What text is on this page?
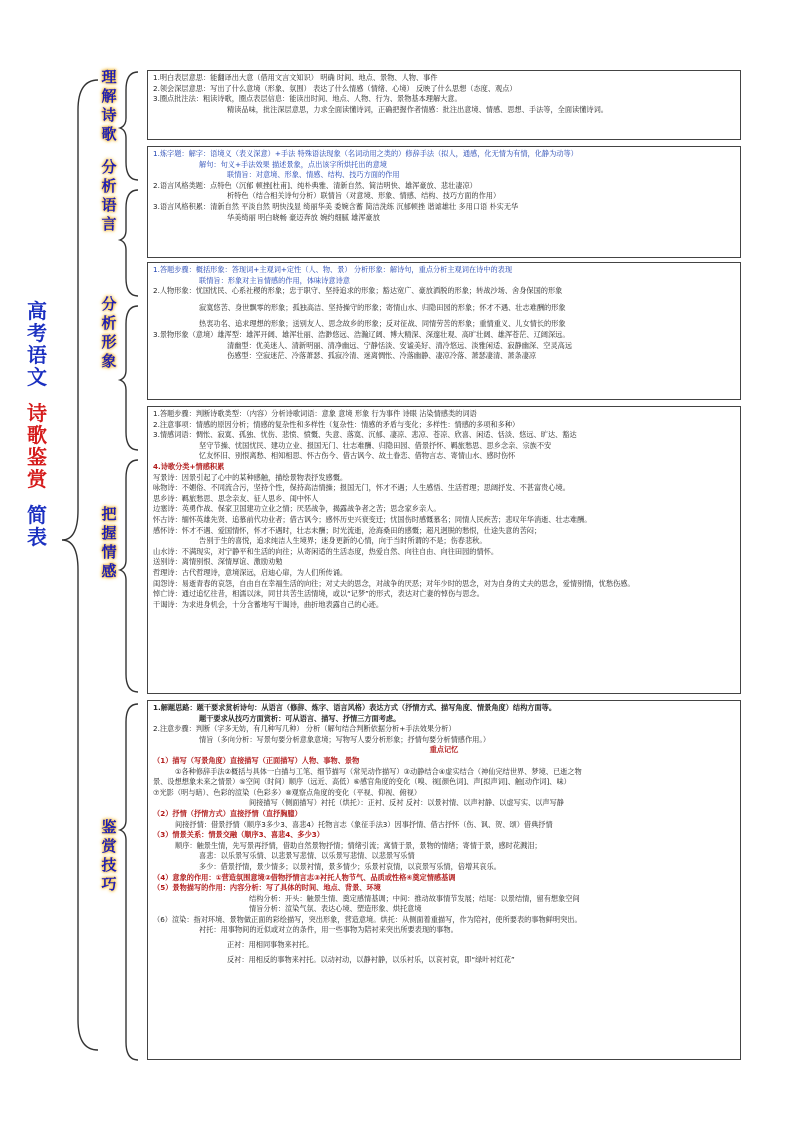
高
考
语
文
诗
歌
鉴
赏
简
表
理
解
诗
歌
分
析
语
言
分
析
形
象
把
握
情
感
鉴
赏
技
巧
1.明白表层意思：能翻译出大意（借用文言文知识） 明确 时间、地点、景物、人物、事件
2.领会深层意思：写出了什么意境（形象、氛围） 表达了什么情感（情绪、心境） 反映了什么思想（态度、观点）
3.圈点批注法：粗读诗歌，圈点表层信息：能读出时间、地点、人物、行为、景物基本理解大意。
精读品味，批注深层意思，力求全面读懂诗词，正确把握作者情感：批注出意境、情感、思想、手法等，全面读懂诗词。
1.炼字题：解字：语境义（表义深意）+手法 特殊语法现象（名词动用之类的）修辞手法（拟人，通感，化无情为有情，化静为动等）
解句：句义+手法效果 描述景象，点出该字所烘托出的意境
联情旨：对意境、形象、情感、结构、技巧方面的作用
2.语言风格类题：点特色（沉郁 顿挫[杜甫]、纯朴典雅、清新自然、简洁明快、雄浑豪放、悲壮凄凉）
析特色（结合相关诗句分析）联情旨（对意境、形象、情感、结构、技巧方面的作用）
3.语言风格积累：清新自然 平淡自然 明快浅显 绮丽华美 委婉含蓄 简洁洗练 沉郁顿挫 谐谑雄壮 多用口语 朴实无华
华美绮丽 明白晓畅 豪迈奔放 婉约细腻 雄浑豪放
1.答题步骤：概括形象：答现词+主观词+定性（人、物、景） 分析形象：解诗句，重点分析主观词在诗中的表现
联情旨：形象对主旨情感的作用，体味诗意诗意
2.人物形象：忧国忧民、心系社稷的形象；忠于职守、坚持追求的形象；豁达宽广、豪放洒脱的形象；转战沙场、舍身保国的形象
寂寞悠苦、身世飘零的形象；孤独高洁、坚持操守的形象；寄情山水、归隐田园的形象；怀才不遇、壮志难酬的形象
热衷功名、追求理想的形象；送别友人、思念故乡的形象；反对征战、同情劳苦的形象；重情重义、儿女情长的形象
3.景物形象（意境）雄浑型：雄浑开阔、雄浑壮丽、浩渺悠远、浩瀚辽阔、博大精深、深邃壮观、高旷壮阔、雄浑苍茫、辽阔深远。
清幽型：优美迷人、清新明丽、清净幽远、宁静恬淡、安谧美好、清冷悠远、淡雅闲适、寂静幽深、空灵高远
伤感型：空寂迷茫、冷落萧瑟、孤寂冷清、迷离惆怅、冷落幽静、凄凉冷落、萧瑟凄清、萧条凄凉
1.答题步骤：判断诗歌类型：（内容）分析诗歌词语：意象 意境 形象 行为事件 诗眼 沾染情感类的词语
2.注意事项：情感的原因分析；情感的复杂性和多样性（复杂性：情感的矛盾与变化；多样性：情感的多项和多种）
3.情感词语：惆怅、寂寞、孤独、忧伤、悲愤、愤慨、失意、落寞、沉郁、凄凉、悲凉、苍凉、欣喜、闲适、恬淡、悠远、旷达、豁达
坚守节操、忧国忧民、建功立业、报国无门、壮志难酬、归隐田园、借景抒怀、羁旅愁思、思乡念亲、宗族不安
忆友怀旧、别恨离愁、相知相思、怀古伤今、借古讽今、故土眷恋、借物言志、寄情山水、感时伤怀
4.诗歌分类+情感积累
写景诗：因景引起了心中的某种感触，描绘景物表抒发感慨。
咏物诗：不媚俗、不同流合污，坚持个性，保持高洁情操；报国无门，怀才不遇；人生感悟、生活哲理；思阔抒发、不甚富贵心境。
思乡诗：羁旅愁思、思念亲友、征人思乡、闺中怀人
边塞诗：英勇作战、保家卫国建功立业之情；厌恶战争，揭露战争者之苦；思念家乡亲人。
怀古诗：缅怀英雄先贤、追慕前代功业者；借古讽今；感怀历史兴衰变迁；忧国伤时感慨慕名；同情人民疾苦；悲叹年华消逝、壮志难酬。
感怀诗：怀才不遇、爱国情怀，怀才不遇时，壮志未酬；时光流逝，沧海桑田的感慨；超凡迥脱的愁恨，仕途失意的苦闷；
告别于生的喜悦，追求纯洁人生境界；迷身更新的心情，向于当时所谓的不是；伤春悲秋。
山水诗：不满现实，对宁静平和生活的向往；从寄闲适的生活态度，热爱自然、向往自由、向往田园的情怀。
送别诗：离情别恨、深情厚谊、激励劝勉
哲理诗：古代哲理诗，意境深远，启迪心扉，为人们所传诵。
闺怨诗：易逝青春的哀怨，自由自在幸福生活的向往；对丈夫的思念，对战争的厌恶；对年少时的思念，对为自身的丈夫的思念，爱情别情，忧愁伤感。
悼亡诗：通过追忆往昔，相濡以沫，同甘共苦生活情境，或以“记梦”的形式，表达对亡妻的悼伤与思念。
干谒诗：为求进身机会，十分含蓄地写干谒诗，曲折地表露自己的心迹。
1.解题思路：题干要求赏析诗句：从语言（修辞、炼字、语言风格）表达方式（抒情方式、描写角度、情景角度）结构方面等。
题干要求从技巧方面赏析：可从语言、描写、抒情三方面考虑。
2.注意步骤：判断（字多无妨，有几种写几种） 分析（解句结合判断依据分析+手法效果分析）
情旨（多向分析：写景句要分析意象意境；写物写人要分析形象；抒情句要分析情感作用。）
重点记忆
（1）描写（写景角度）直接描写（正面描写）人物、事物、景物
①各种修辞手法②概括与具体一白描与工笔、细节描写（常见动作描写）③动静结合④虚实结合（神仙完结世界、梦境、已逝之物
景、设想想象未来之情景）⑤空间（时间）顺序（远近、高低）⑥感官角度的变化（嗅、视[颜色词]、声[拟声词]、触[动作词]、味）
⑦光影（明与暗）、色彩的渲染（色彩多）⑧观察点角度的变化（平视、仰视、俯视）
间接描写（侧面描写）衬托（烘托）：正衬、反衬 反衬：以景衬情、以声衬静、以虚写实、以声写静
（2）抒情（抒情方式）直接抒情（直抒胸臆）
间接抒情：借景抒情（顺序3多少3、喜悲4）托物言志（象征手法3）因事抒情、借古抒怀（伤、讽、贺、颂）借典抒情
（3）情景关系：情景交融（顺序3、喜悲4、多少3）
顺序：触景生情，先写景再抒情，借助自然景物抒情；情绪引流；寓情于景，景物的情绪；寄情于景，感时花溅泪；
喜悲：以乐景写乐情、以悲景写悲情、以乐景写悲情、以悲景写乐情
多少：借景抒情，景少情多；以景衬情，景多情少；乐景衬哀情，以哀景写乐情，倍增其哀乐。
（4）意象的作用：①营造氛围意境②借物抒情言志③衬托人物节气、品质或性格④奠定情感基调
（5）景物描写的作用：内容分析：写了具体的时间、地点、背景、环境
结构分析：开头：触景生情、奠定感情基调；中间：推动故事情节发展；结尾：以景结情，留有想象空间
情旨分析：渲染气氛、表达心境、塑造形象、烘托意境
（6）渲染：指对环境、景物做正面的彩绘描写，突出形象，营造意境。烘托：从侧面着重描写，作为陪衬，使所要表的事物鲜明突出。
衬托：用事物间的近似或对立的条件，用一些事物为陪衬来突出所要表现的事物。
正衬：用相同事物来衬托。
反衬：用相反的事物来衬托。以动衬动，以静衬静，以乐衬乐，以哀衬哀，即“绿叶衬红花”
